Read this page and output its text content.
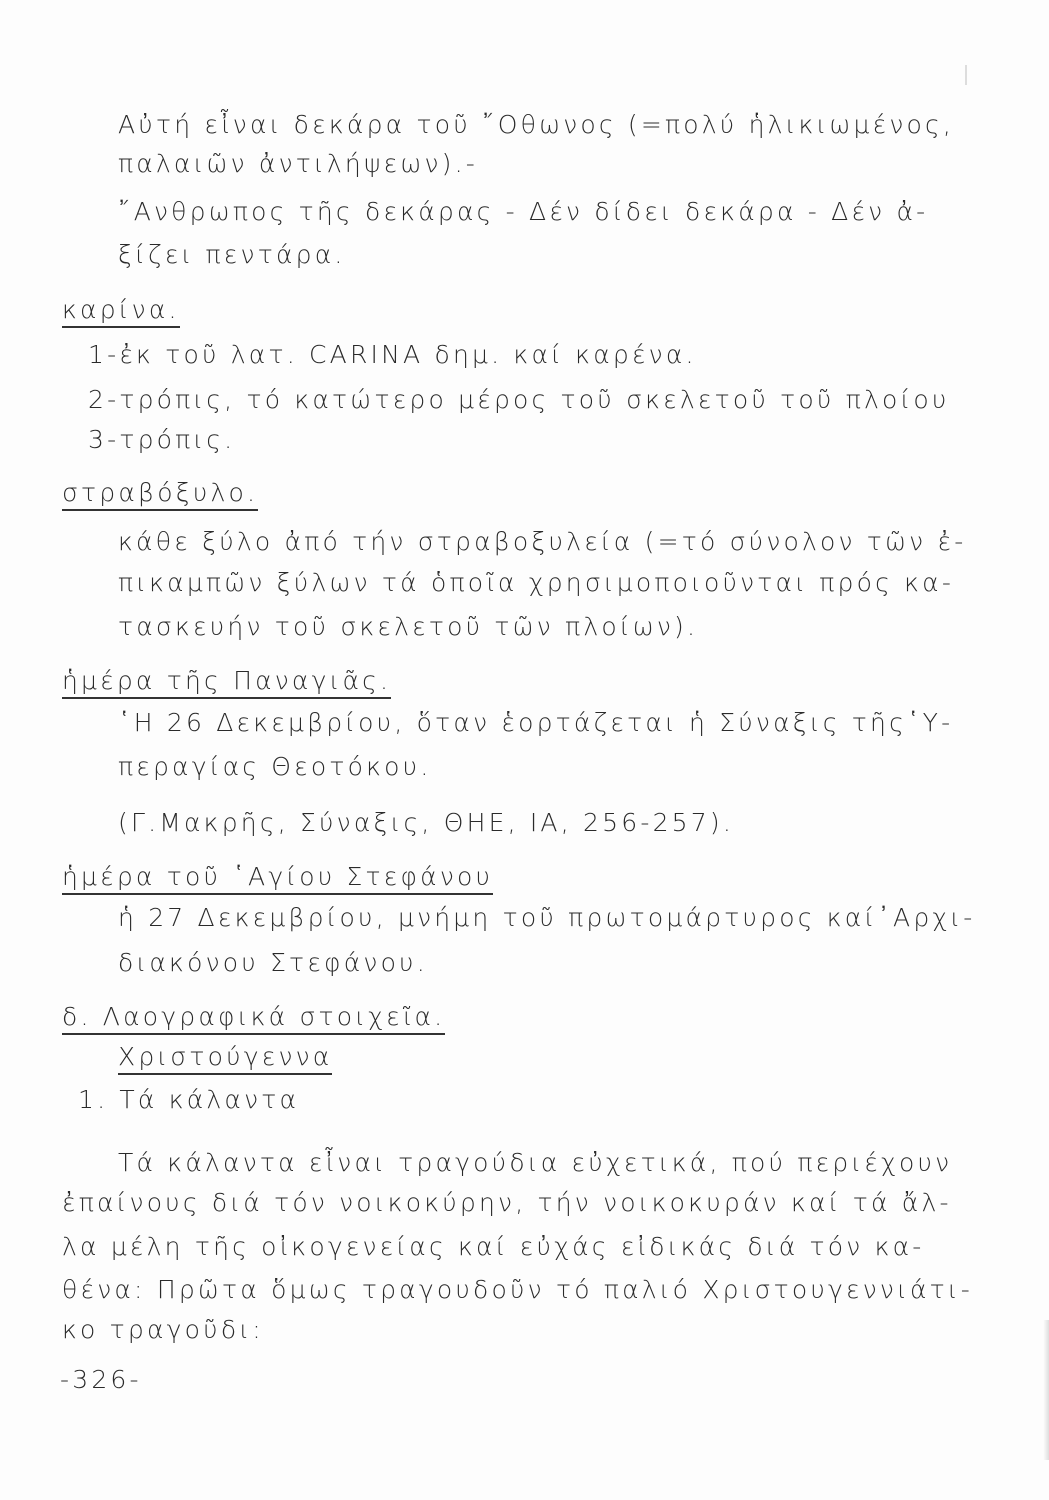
Αὐτή εἶναι δεκάρα τοῦ ῎Οθωνος (=πολύ ἡλικιωμένος,
παλαιῶν ἀντιλήψεων).-
῎Ανθρωπος τῆς δεκάρας - Δέν δίδει δεκάρα - Δέν ἀ-
ξίζει πεντάρα.
καρίνα.
1-ἐκ τοῦ λατ. CARINA δημ. καί καρένα.
2-τρόπις, τό κατώτερο μέρος τοῦ σκελετοῦ τοῦ πλοίου
3-τρόπις.
στραβόξυλο.
κάθε ξύλο ἀπό τήν στραβοξυλεία (=τό σύνολον τῶν ἐ-
πικαμπῶν ξύλων τά ὁποῖα χρησιμοποιοῦνται πρός κα-
τασκευήν τοῦ σκελετοῦ τῶν πλοίων).
ἡμέρα τῆς Παναγιᾶς.
῾Η 26 Δεκεμβρίου, ὅταν ἑορτάζεται ἡ Σύναξις τῆς῾Υ-
περαγίας Θεοτόκου.
(Γ.Μακρῆς, Σύναξις, ΘΗΕ, ΙΑ, 256-257).
ἡμέρα τοῦ ῾Αγίου Στεφάνου
ἡ 27 Δεκεμβρίου, μνήμη τοῦ πρωτομάρτυρος καί᾿Αρχι-
διακόνου Στεφάνου.
δ. Λαογραφικά στοιχεῖα.
Χριστούγεννα
1. Τά κάλαντα
Τά κάλαντα εἶναι τραγούδια εὐχετικά, πού περιέχουν
ἐπαίνους διά τόν νοικοκύρην, τήν νοικοκυράν καί τά ἄλ-
λα μέλη τῆς οἰκογενείας καί εὐχάς εἰδικάς διά τόν κα-
θένα: Πρῶτα ὅμως τραγουδοῦν τό παλιό Χριστουγεννιάτι-
κο τραγοῦδι:
-326-
